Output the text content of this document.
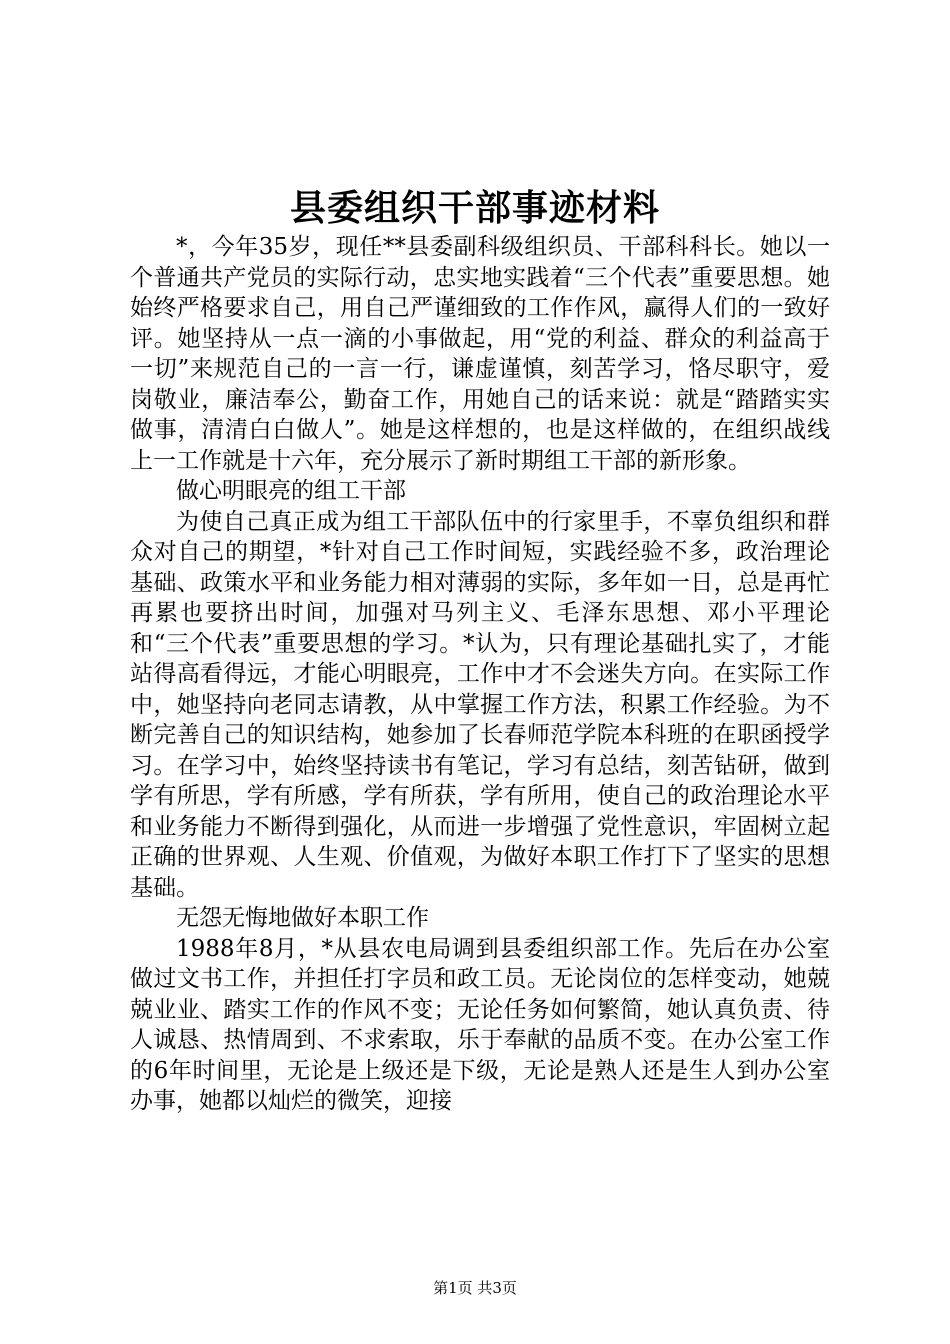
县委组织干部事迹材料

*，今年35岁，现任**县委副科级组织员、干部科科长。她以一个普通共产党员的实际行动，忠实地实践着“三个代表”重要思想。她始终严格要求自己，用自己严谨细致的工作作风，赢得人们的一致好评。她坚持从一点一滴的小事做起，用“党的利益、群众的利益高于一切”来规范自己的一言一行，谦虚谨慎，刻苦学习，恪尽职守，爱岗敬业，廉洁奉公，勤奋工作，用她自己的话来说：就是“踏踏实实做事，清清白白做人”。她是这样想的，也是这样做的，在组织战线上一工作就是十六年，充分展示了新时期组工干部的新形象。

做心明眼亮的组工干部

为使自己真正成为组工干部队伍中的行家里手，不辜负组织和群众对自己的期望，*针对自己工作时间短，实践经验不多，政治理论基础、政策水平和业务能力相对薄弱的实际，多年如一日，总是再忙再累也要挤出时间，加强对马列主义、毛泽东思想、邓小平理论和“三个代表”重要思想的学习。*认为，只有理论基础扎实了，才能站得高看得远，才能心明眼亮，工作中才不会迷失方向。在实际工作中，她坚持向老同志请教，从中掌握工作方法，积累工作经验。为不断完善自己的知识结构，她参加了长春师范学院本科班的在职函授学习。在学习中，始终坚持读书有笔记，学习有总结，刻苦钻研，做到学有所思，学有所感，学有所获，学有所用，使自己的政治理论水平和业务能力不断得到强化，从而进一步增强了党性意识，牢固树立起正确的世界观、人生观、价值观，为做好本职工作打下了坚实的思想基础。

无怨无悔地做好本职工作

1988年8月，*从县农电局调到县委组织部工作。先后在办公室做过文书工作，并担任打字员和政工员。无论岗位的怎样变动，她兢兢业业、踏实工作的作风不变；无论任务如何繁简，她认真负责、待人诚恳、热情周到、不求索取，乐于奉献的品质不变。在办公室工作的6年时间里，无论是上级还是下级，无论是熟人还是生人到办公室办事，她都以灿烂的微笑，迎接

第1页 共3页
